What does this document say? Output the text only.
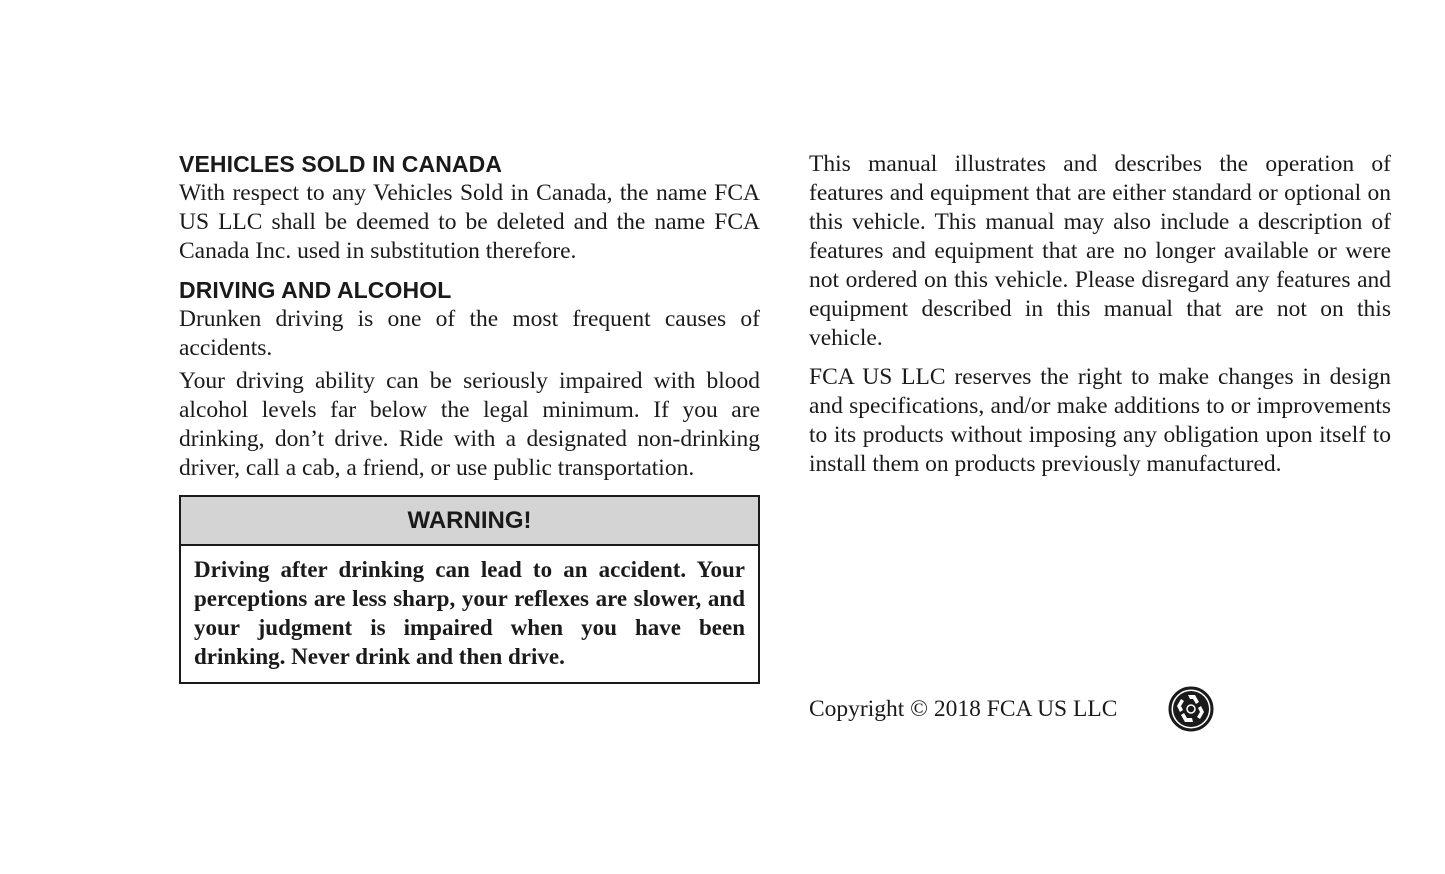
VEHICLES SOLD IN CANADA

With respect to any Vehicles Sold in Canada, the name FCA US LLC shall be deemed to be deleted and the name FCA Canada Inc. used in substitution therefore.

DRIVING AND ALCOHOL

Drunken driving is one of the most frequent causes of accidents.

Your driving ability can be seriously impaired with blood alcohol levels far below the legal minimum. If you are drinking, don’t drive. Ride with a designated non-drinking driver, call a cab, a friend, or use public transportation.

WARNING!
Driving after drinking can lead to an accident. Your perceptions are less sharp, your reflexes are slower, and your judgment is impaired when you have been drinking. Never drink and then drive.

This manual illustrates and describes the operation of features and equipment that are either standard or optional on this vehicle. This manual may also include a description of features and equipment that are no longer available or were not ordered on this vehicle. Please disregard any features and equipment described in this manual that are not on this vehicle.

FCA US LLC reserves the right to make changes in design and specifications, and/or make additions to or improvements to its products without imposing any obligation upon itself to install them on products previously manufactured.

Copyright © 2018 FCA US LLC
